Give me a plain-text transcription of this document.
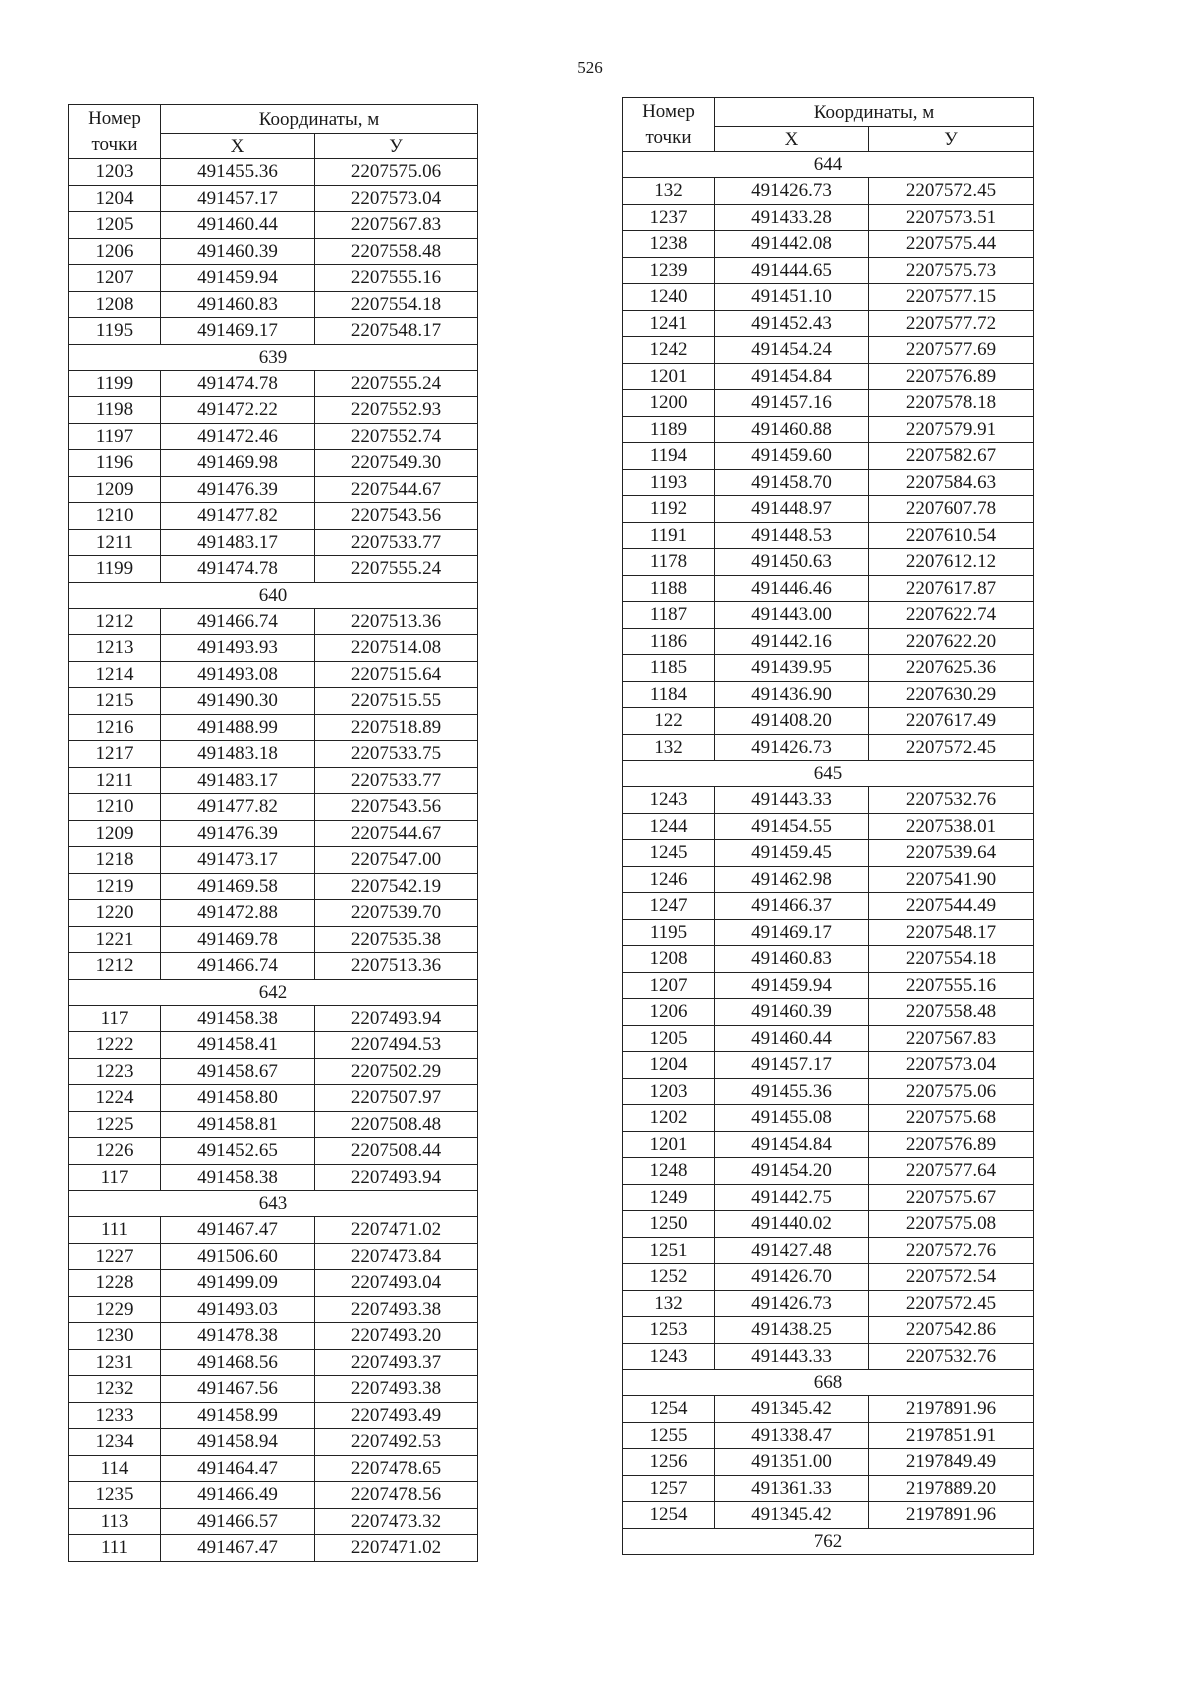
526
Номер
точки	Координаты, м	
	X	У
1203	491455.36	2207575.06
1204	491457.17	2207573.04
1205	491460.44	2207567.83
1206	491460.39	2207558.48
1207	491459.94	2207555.16
1208	491460.83	2207554.18
1195	491469.17	2207548.17
639		
1199	491474.78	2207555.24
1198	491472.22	2207552.93
1197	491472.46	2207552.74
1196	491469.98	2207549.30
1209	491476.39	2207544.67
1210	491477.82	2207543.56
1211	491483.17	2207533.77
1199	491474.78	2207555.24
640		
1212	491466.74	2207513.36
1213	491493.93	2207514.08
1214	491493.08	2207515.64
1215	491490.30	2207515.55
1216	491488.99	2207518.89
1217	491483.18	2207533.75
1211	491483.17	2207533.77
1210	491477.82	2207543.56
1209	491476.39	2207544.67
1218	491473.17	2207547.00
1219	491469.58	2207542.19
1220	491472.88	2207539.70
1221	491469.78	2207535.38
1212	491466.74	2207513.36
642		
117	491458.38	2207493.94
1222	491458.41	2207494.53
1223	491458.67	2207502.29
1224	491458.80	2207507.97
1225	491458.81	2207508.48
1226	491452.65	2207508.44
117	491458.38	2207493.94
643		
111	491467.47	2207471.02
1227	491506.60	2207473.84
1228	491499.09	2207493.04
1229	491493.03	2207493.38
1230	491478.38	2207493.20
1231	491468.56	2207493.37
1232	491467.56	2207493.38
1233	491458.99	2207493.49
1234	491458.94	2207492.53
114	491464.47	2207478.65
1235	491466.49	2207478.56
113	491466.57	2207473.32
111	491467.47	2207471.02
Номер
точки	Координаты, м	
	X	У
644		
132	491426.73	2207572.45
1237	491433.28	2207573.51
1238	491442.08	2207575.44
1239	491444.65	2207575.73
1240	491451.10	2207577.15
1241	491452.43	2207577.72
1242	491454.24	2207577.69
1201	491454.84	2207576.89
1200	491457.16	2207578.18
1189	491460.88	2207579.91
1194	491459.60	2207582.67
1193	491458.70	2207584.63
1192	491448.97	2207607.78
1191	491448.53	2207610.54
1178	491450.63	2207612.12
1188	491446.46	2207617.87
1187	491443.00	2207622.74
1186	491442.16	2207622.20
1185	491439.95	2207625.36
1184	491436.90	2207630.29
122	491408.20	2207617.49
132	491426.73	2207572.45
645		
1243	491443.33	2207532.76
1244	491454.55	2207538.01
1245	491459.45	2207539.64
1246	491462.98	2207541.90
1247	491466.37	2207544.49
1195	491469.17	2207548.17
1208	491460.83	2207554.18
1207	491459.94	2207555.16
1206	491460.39	2207558.48
1205	491460.44	2207567.83
1204	491457.17	2207573.04
1203	491455.36	2207575.06
1202	491455.08	2207575.68
1201	491454.84	2207576.89
1248	491454.20	2207577.64
1249	491442.75	2207575.67
1250	491440.02	2207575.08
1251	491427.48	2207572.76
1252	491426.70	2207572.54
132	491426.73	2207572.45
1253	491438.25	2207542.86
1243	491443.33	2207532.76
668		
1254	491345.42	2197891.96
1255	491338.47	2197851.91
1256	491351.00	2197849.49
1257	491361.33	2197889.20
1254	491345.42	2197891.96
762		
